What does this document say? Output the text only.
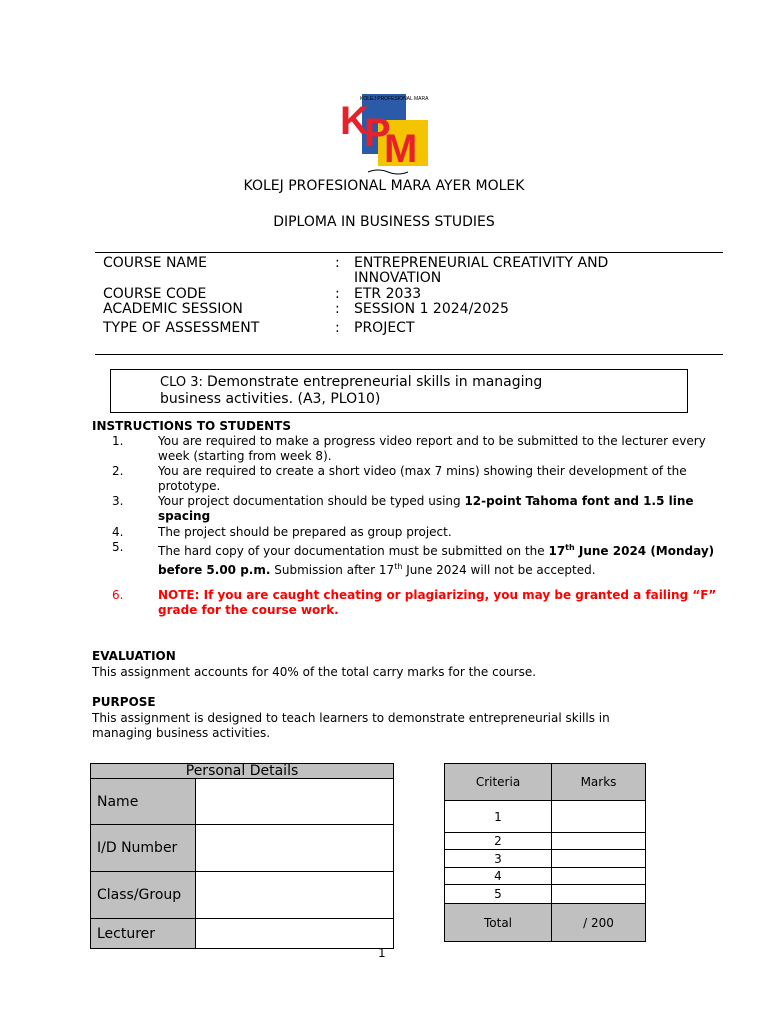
K
P
M
KOLEJ PROFESIONAL MARA
KOLEJ PROFESIONAL MARA AYER MOLEK
DIPLOMA IN BUSINESS STUDIES
COURSE NAME	:	ENTREPRENEURIAL CREATIVITY AND INNOVATION
COURSE CODE	:	ETR 2033
ACADEMIC SESSION	:	SESSION 1 2024/2025
TYPE OF ASSESSMENT	:	PROJECT
CLO 3: Demonstrate entrepreneurial skills in managing business activities. (A3, PLO10)
INSTRUCTIONS TO STUDENTS
1.	You are required to make a progress video report and to be submitted to the lecturer every week (starting from week 8).
2.	You are required to create a short video (max 7 mins) showing their development of the prototype.
3.	Your project documentation should be typed using 12-point Tahoma font and 1.5 line spacing
4.	The project should be prepared as group project.
5.	The hard copy of your documentation must be submitted on the 17th June 2024 (Monday) before 5.00 p.m. Submission after 17th June 2024 will not be accepted.
6.	NOTE: If you are caught cheating or plagiarizing, you may be granted a failing “F”
grade for the course work.
EVALUATION
This assignment accounts for 40% of the total carry marks for the course.
PURPOSE
This assignment is designed to teach learners to demonstrate entrepreneurial skills in managing business activities.
Personal Details	
Name	
I/D Number	
Class/Group	
Lecturer	
Criteria	Marks
1	
2	
3	
4	
5	
Total	/ 200
1
